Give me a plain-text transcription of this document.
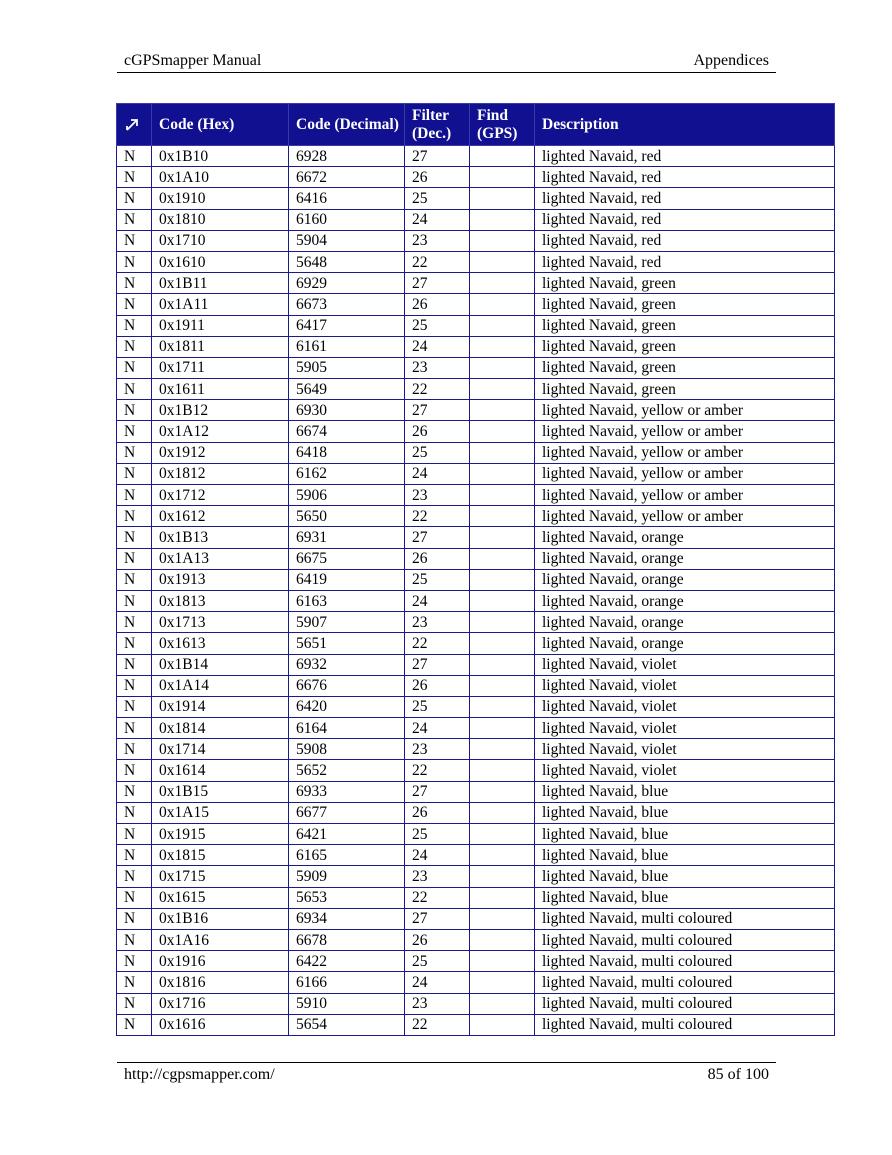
cGPSmapper Manual	Appendices
	Code (Hex)	Code (Decimal)	Filter (Dec.)	Find (GPS)	Description
N	0x1B10	6928	27		lighted Navaid, red
N	0x1A10	6672	26		lighted Navaid, red
N	0x1910	6416	25		lighted Navaid, red
N	0x1810	6160	24		lighted Navaid, red
N	0x1710	5904	23		lighted Navaid, red
N	0x1610	5648	22		lighted Navaid, red
N	0x1B11	6929	27		lighted Navaid, green
N	0x1A11	6673	26		lighted Navaid, green
N	0x1911	6417	25		lighted Navaid, green
N	0x1811	6161	24		lighted Navaid, green
N	0x1711	5905	23		lighted Navaid, green
N	0x1611	5649	22		lighted Navaid, green
N	0x1B12	6930	27		lighted Navaid, yellow or amber
N	0x1A12	6674	26		lighted Navaid, yellow or amber
N	0x1912	6418	25		lighted Navaid, yellow or amber
N	0x1812	6162	24		lighted Navaid, yellow or amber
N	0x1712	5906	23		lighted Navaid, yellow or amber
N	0x1612	5650	22		lighted Navaid, yellow or amber
N	0x1B13	6931	27		lighted Navaid, orange
N	0x1A13	6675	26		lighted Navaid, orange
N	0x1913	6419	25		lighted Navaid, orange
N	0x1813	6163	24		lighted Navaid, orange
N	0x1713	5907	23		lighted Navaid, orange
N	0x1613	5651	22		lighted Navaid, orange
N	0x1B14	6932	27		lighted Navaid, violet
N	0x1A14	6676	26		lighted Navaid, violet
N	0x1914	6420	25		lighted Navaid, violet
N	0x1814	6164	24		lighted Navaid, violet
N	0x1714	5908	23		lighted Navaid, violet
N	0x1614	5652	22		lighted Navaid, violet
N	0x1B15	6933	27		lighted Navaid, blue
N	0x1A15	6677	26		lighted Navaid, blue
N	0x1915	6421	25		lighted Navaid, blue
N	0x1815	6165	24		lighted Navaid, blue
N	0x1715	5909	23		lighted Navaid, blue
N	0x1615	5653	22		lighted Navaid, blue
N	0x1B16	6934	27		lighted Navaid, multi coloured
N	0x1A16	6678	26		lighted Navaid, multi coloured
N	0x1916	6422	25		lighted Navaid, multi coloured
N	0x1816	6166	24		lighted Navaid, multi coloured
N	0x1716	5910	23		lighted Navaid, multi coloured
N	0x1616	5654	22		lighted Navaid, multi coloured
http://cgpsmapper.com/	85 of 100
